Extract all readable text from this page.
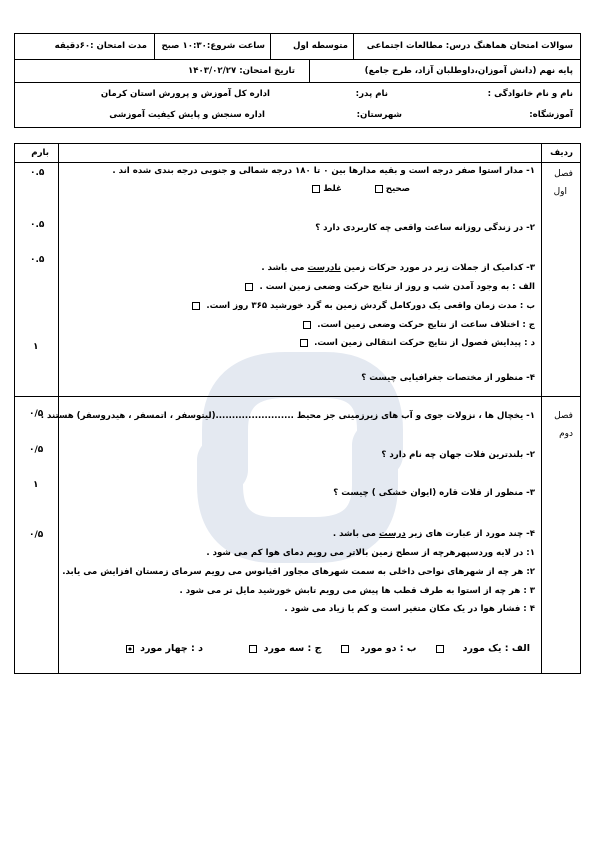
سوالات امتحان هماهنگ درس: مطالعات اجتماعی
متوسطه اول
ساعت شروع:۱۰:۳۰ صبح
مدت امتحان :۶۰دقیقه
پایه نهم (دانش آموزان،داوطلبان آزاد، طرح جامع)
تاریخ امتحان: ۱۴۰۳/۰۲/۲۷
نام و نام خانوادگی :
نام پدر:
اداره کل آموزش و پرورش استان کرمان
آموزشگاه:
شهرستان:
اداره سنجش و پایش کیفیت آموزشی
ردیف
بارم
فصل
اول
فصل
دوم
۱- مدار استوا صفر درجه است و بقیه مدارها بین ۰ تا ۱۸۰ درجه شمالی و جنوبی درجه بندی شده اند .
صحیح          غلط
۲- در زندگی روزانه ساعت واقعی چه کاربردی دارد ؟
۳- کدامیک از جملات زیر در مورد حرکات زمین نادرست می باشد .
الف : به وجود آمدن شب و روز از نتایج حرکت وضعی زمین است .
ب : مدت زمان واقعی یک دورکامل گردش زمین به گرد خورشید ۳۶۵ روز است.
ج : اختلاف ساعت از نتایج حرکت وضعی زمین است.
د : پیدایش فصول از نتایج حرکت انتقالی زمین است.
۴- منظور از مختصات جغرافیایی چیست ؟
۱- یخچال ها ، نزولات جوی و آب های زیرزمینی جز محیط ........................(لیتوسفر ، اتمسفر ، هیدروسفر) هستند .
۲- بلندترین فلات جهان چه نام دارد ؟
۳- منظور از فلات قاره (ایوان خشکی ) چیست ؟
۴- چند مورد از عبارت های زیر درست می باشد .
۱: در لایه وردسپهرهرچه از سطح زمین بالاتر می رویم دمای هوا کم می شود .
۲: هر چه از شهرهای نواحی داخلی به سمت شهرهای مجاور اقیانوس می رویم سرمای زمستان افزایش می یابد.
۳ : هر چه از استوا به طرف قطب ها پیش می رویم تابش خورشید مایل تر می شود .
۴ : فشار هوا در یک مکان متغیر است و کم یا زیاد می شود .
الف : یک مورد
ب : دو مورد
ج : سه مورد
د : چهار مورد
۰.۵
۰.۵
۰.۵
۱
۰/۵
۰/۵
۱
۰/۵
